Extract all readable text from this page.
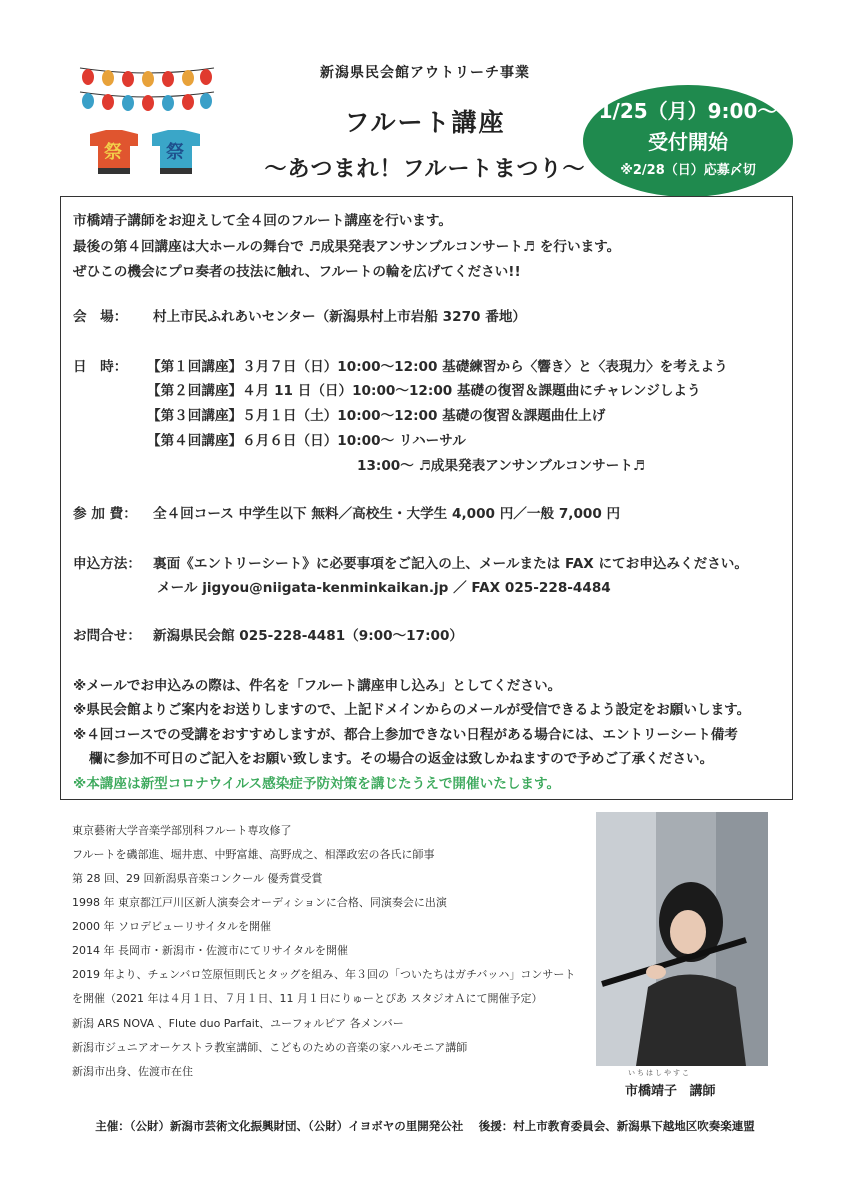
祭 祭
新潟県民会館アウトリーチ事業
フルート講座
～あつまれ！フルートまつり～
1/25（月）9:00～
受付開始
※2/28（日）応募〆切
市橋靖子講師をお迎えして全４回のフルート講座を行います。
最後の第４回講座は大ホールの舞台で ♬成果発表アンサンブルコンサート♬ を行います。
ぜひこの機会にプロ奏者の技法に触れ、フルートの輪を広げてください!!
会　場： 村上市民ふれあいセンター（新潟県村上市岩船 3270 番地）
日　時： 【第１回講座】３月７日（日）10:00～12:00 基礎練習から〈響き〉と〈表現力〉を考えよう
【第２回講座】４月 11 日（日）10:00～12:00 基礎の復習＆課題曲にチャレンジしよう
【第３回講座】５月１日（土）10:00～12:00 基礎の復習＆課題曲仕上げ
【第４回講座】６月６日（日）10:00～ リハーサル
13:00～ ♬成果発表アンサンブルコンサート♬
参 加 費： 全４回コース 中学生以下 無料／高校生・大学生 4,000 円／一般 7,000 円
申込方法： 裏面《エントリーシート》に必要事項をご記入の上、メールまたは FAX にてお申込みください。
メール jigyou@niigata-kenminkaikan.jp ／ FAX 025-228-4484
お問合せ： 新潟県民会館 025-228-4481（9:00～17:00）
※メールでお申込みの際は、件名を「フルート講座申し込み」としてください。
※県民会館よりご案内をお送りしますので、上記ドメインからのメールが受信できるよう設定をお願いします。
※４回コースでの受講をおすすめしますが、都合上参加できない日程がある場合には、エントリーシート備考
欄に参加不可日のご記入をお願い致します。その場合の返金は致しかねますので予めご了承ください。
※本講座は新型コロナウイルス感染症予防対策を講じたうえで開催いたします。
東京藝術大学音楽学部別科フルート専攻修了
フルートを磯部進、堀井恵、中野富雄、高野成之、相澤政宏の各氏に師事
第 28 回、29 回新潟県音楽コンクール 優秀賞受賞
1998 年 東京都江戸川区新人演奏会オーディションに合格、同演奏会に出演
2000 年 ソロデビューリサイタルを開催
2014 年 長岡市・新潟市・佐渡市にてリサイタルを開催
2019 年より、チェンバロ笠原恒則氏とタッグを組み、年３回の「ついたちはガチバッハ」コンサート
を開催（2021 年は４月１日、７月１日、11 月１日にりゅーとぴあ スタジオＡにて開催予定）
新潟 ARS NOVA 、Flute duo Parfait、ユーフォルピア 各メンバー
新潟市ジュニアオーケストラ教室講師、こどものための音楽の家ハルモニア講師
新潟市出身、佐渡市在住	いちはしやすこ
市橋靖子 講師
主催：（公財）新潟市芸術文化振興財団、（公財）イヨボヤの里開発公社　 後援：村上市教育委員会、新潟県下越地区吹奏楽連盟
